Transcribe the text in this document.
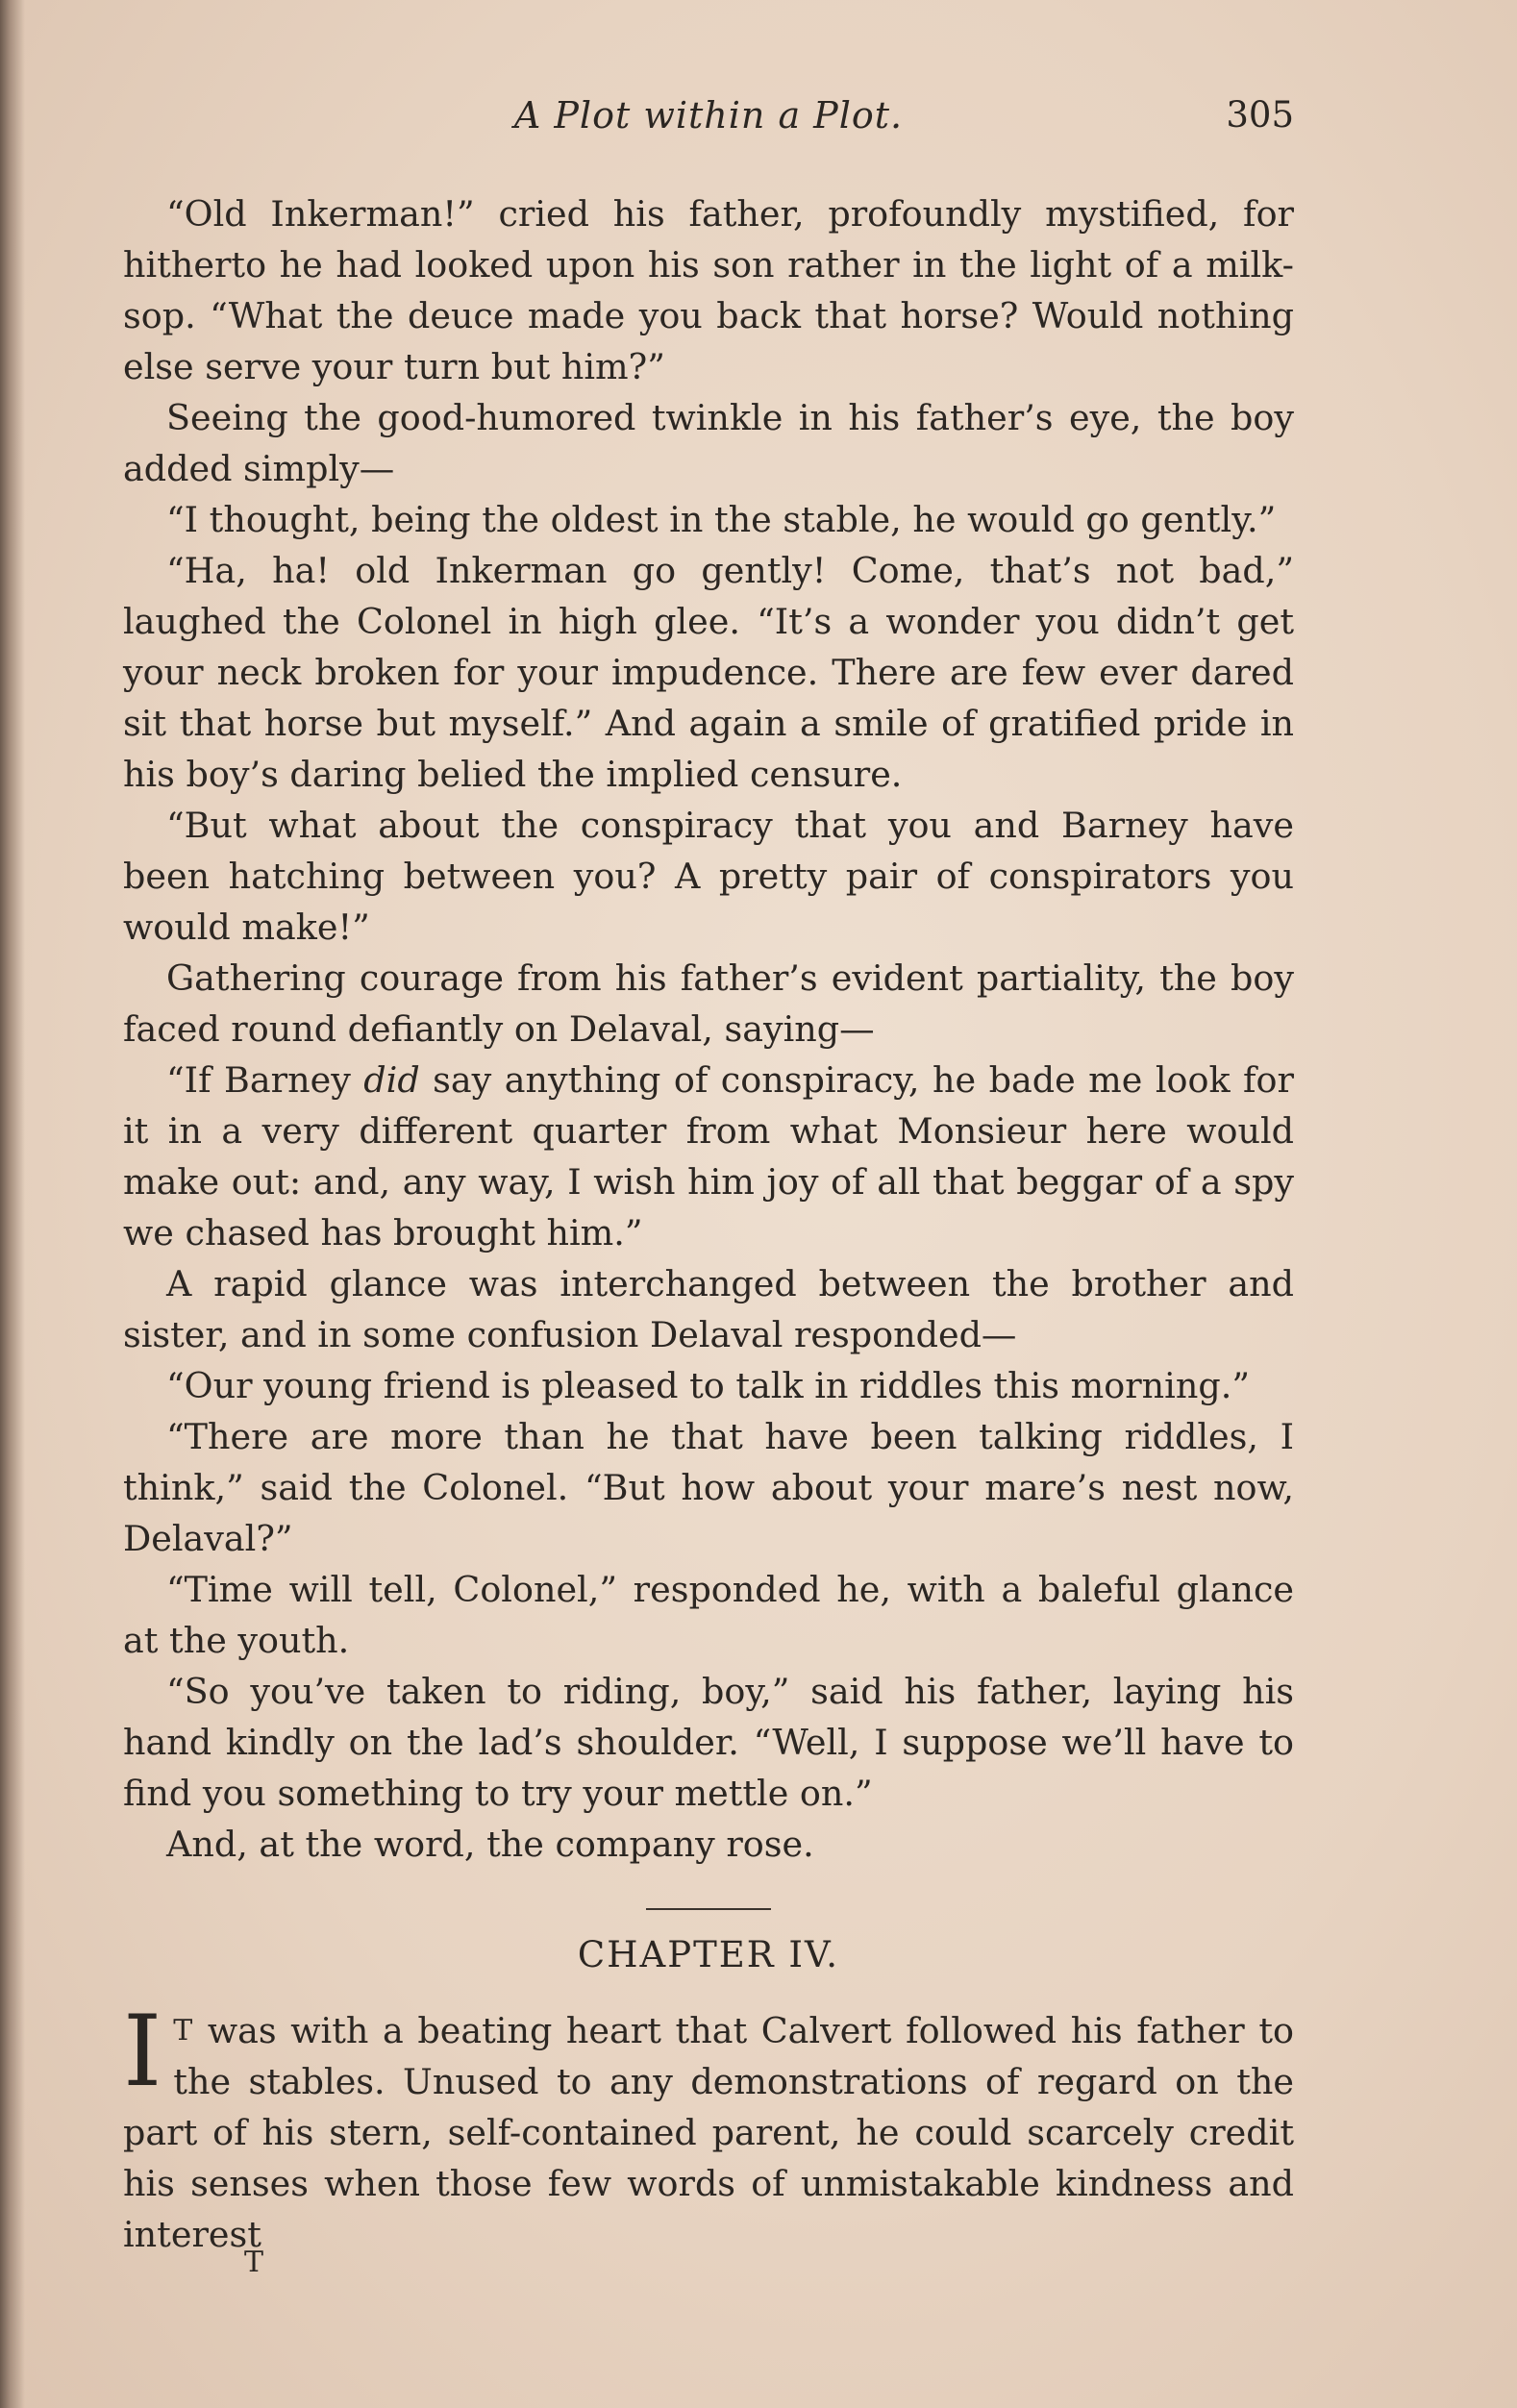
A Plot within a Plot.	305

“Old Inkerman!” cried his father, profoundly mystified, for hitherto he had looked upon his son rather in the light of a milk-sop. “What the deuce made you back that horse? Would nothing else serve your turn but him?”

Seeing the good-humored twinkle in his father’s eye, the boy added simply—

“I thought, being the oldest in the stable, he would go gently.”

“Ha, ha! old Inkerman go gently! Come, that’s not bad,” laughed the Colonel in high glee. “It’s a wonder you didn’t get your neck broken for your impudence. There are few ever dared sit that horse but myself.” And again a smile of gratified pride in his boy’s daring belied the implied censure.

“But what about the conspiracy that you and Barney have been hatching between you? A pretty pair of conspirators you would make!”

Gathering courage from his father’s evident partiality, the boy faced round defiantly on Delaval, saying—

“If Barney did say anything of conspiracy, he bade me look for it in a very different quarter from what Monsieur here would make out: and, any way, I wish him joy of all that beggar of a spy we chased has brought him.”

A rapid glance was interchanged between the brother and sister, and in some confusion Delaval responded—

“Our young friend is pleased to talk in riddles this morning.”

“There are more than he that have been talking riddles, I think,” said the Colonel. “But how about your mare’s nest now, Delaval?”

“Time will tell, Colonel,” responded he, with a baleful glance at the youth.

“So you’ve taken to riding, boy,” said his father, laying his hand kindly on the lad’s shoulder. “Well, I suppose we’ll have to find you something to try your mettle on.”

And, at the word, the company rose.

CHAPTER IV.

I $^T$ was with a beating heart that Calvert followed his father to the stables. Unused to any demonstrations of regard on the part of his stern, self-contained parent, he could scarcely credit his senses when those few words of unmistakable kindness and interest

T
